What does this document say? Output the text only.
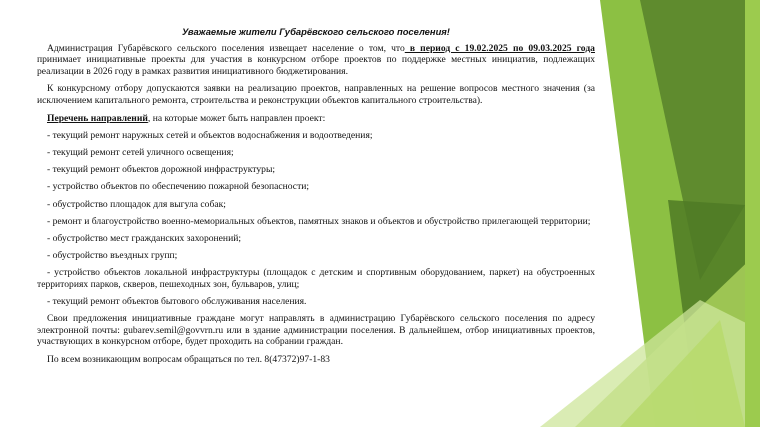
Уважаемые жители Губарёвского сельского поселения!

Администрация Губарёвского сельского поселения извещает население о том, что в период с 19.02.2025 по 09.03.2025 года принимает инициативные проекты для участия в конкурсном отборе проектов по поддержке местных инициатив, подлежащих реализации в 2026 году в рамках развития инициативного бюджетирования.

К конкурсному отбору допускаются заявки на реализацию проектов, направленных на решение вопросов местного значения (за исключением капитального ремонта, строительства и реконструкции объектов капитального строительства).

Перечень направлений, на которые может быть направлен проект:

- текущий ремонт наружных сетей и объектов водоснабжения и водоотведения;

- текущий ремонт сетей уличного освещения;

- текущий ремонт объектов дорожной инфраструктуры;

- устройство объектов по обеспечению пожарной безопасности;

- обустройство площадок для выгула собак;

- ремонт и благоустройство военно-мемориальных объектов, памятных знаков и объектов и обустройство прилегающей территории;

- обустройство мест гражданских захоронений;

- обустройство въездных групп;

- устройство объектов локальной инфраструктуры (площадок с детским и спортивным оборудованием, паркет) на обустроенных территориях парков, скверов, пешеходных зон, бульваров, улиц;

- текущий ремонт объектов бытового обслуживания населения.

Свои предложения инициативные граждане могут направлять в администрацию Губарёвского сельского поселения по адресу электронной почты: gubarev.semil@govvrn.ru или в здание администрации поселения. В дальнейшем, отбор инициативных проектов, участвующих в конкурсном отборе, будет проходить на собрании граждан.

По всем возникающим вопросам обращаться по тел. 8(47372)97-1-83
